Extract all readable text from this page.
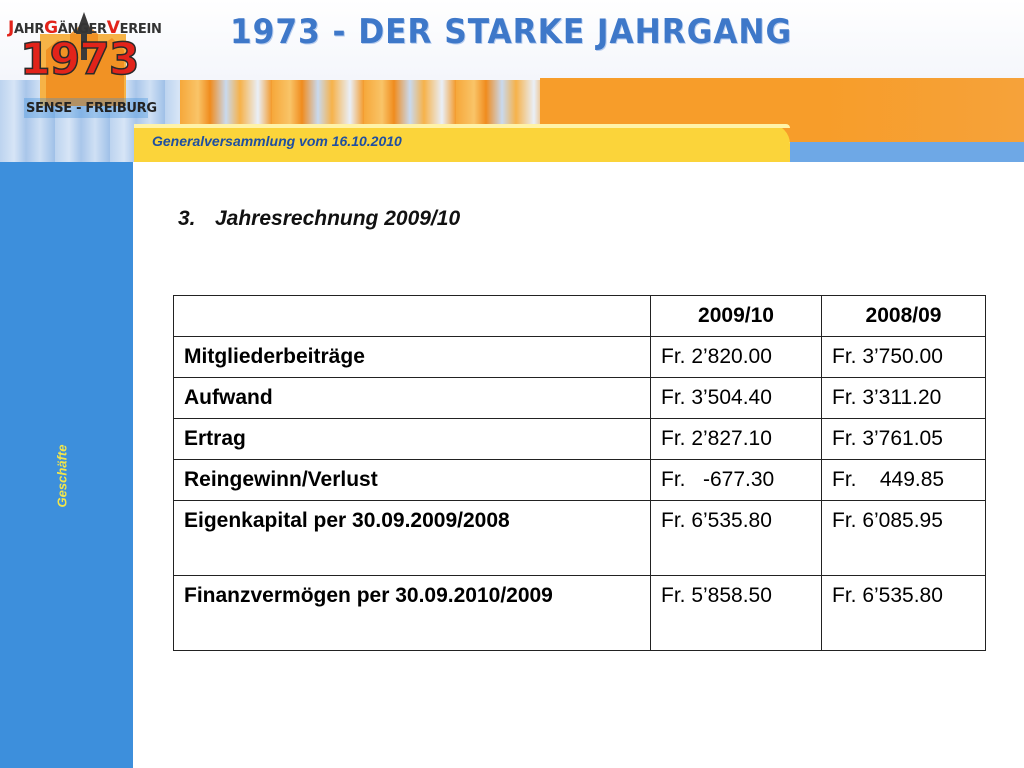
Generalversammlung vom 16.10.2010
1973 - DER STARKE JAHRGANG
JAHRGÄNGERVEREIN
1973
SENSE - FREIBURG
Geschäfte
3. Jahresrechnung 2009/10
	2009/10	2008/09
Mitgliederbeiträge	Fr. 2’820.00	Fr. 3’750.00
Aufwand	Fr. 3’504.40	Fr. 3’311.20
Ertrag	Fr. 2’827.10	Fr. 3’761.05
Reingewinn/Verlust	Fr.   -677.30	Fr.    449.85
Eigenkapital per 30.09.2009/2008	Fr. 6’535.80	Fr. 6’085.95
Finanzvermögen per 30.09.2010/2009	Fr. 5’858.50	Fr. 6’535.80
